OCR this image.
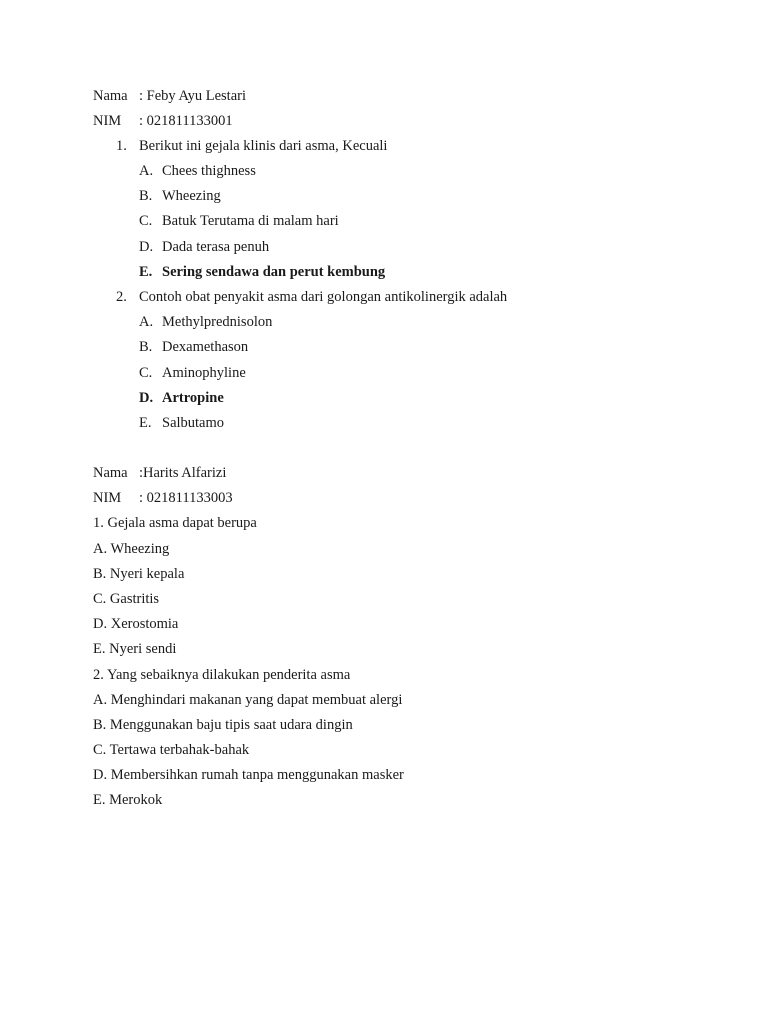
Nama : Feby Ayu Lestari
NIM : 021811133001
1. Berikut ini gejala klinis dari asma, Kecuali
A. Chees thighness
B. Wheezing
C. Batuk Terutama di malam hari
D. Dada terasa penuh
E. Sering sendawa dan perut kembung
2. Contoh obat penyakit asma dari golongan antikolinergik adalah
A. Methylprednisolon
B. Dexamethason
C. Aminophyline
D. Artropine
E. Salbutamo
Nama :Harits Alfarizi
NIM : 021811133003
1. Gejala asma dapat berupa
A. Wheezing
B. Nyeri kepala
C. Gastritis
D. Xerostomia
E. Nyeri sendi
2. Yang sebaiknya dilakukan penderita asma
A. Menghindari makanan yang dapat membuat alergi
B. Menggunakan baju tipis saat udara dingin
C. Tertawa terbahak-bahak
D. Membersihkan rumah tanpa menggunakan masker
E. Merokok
